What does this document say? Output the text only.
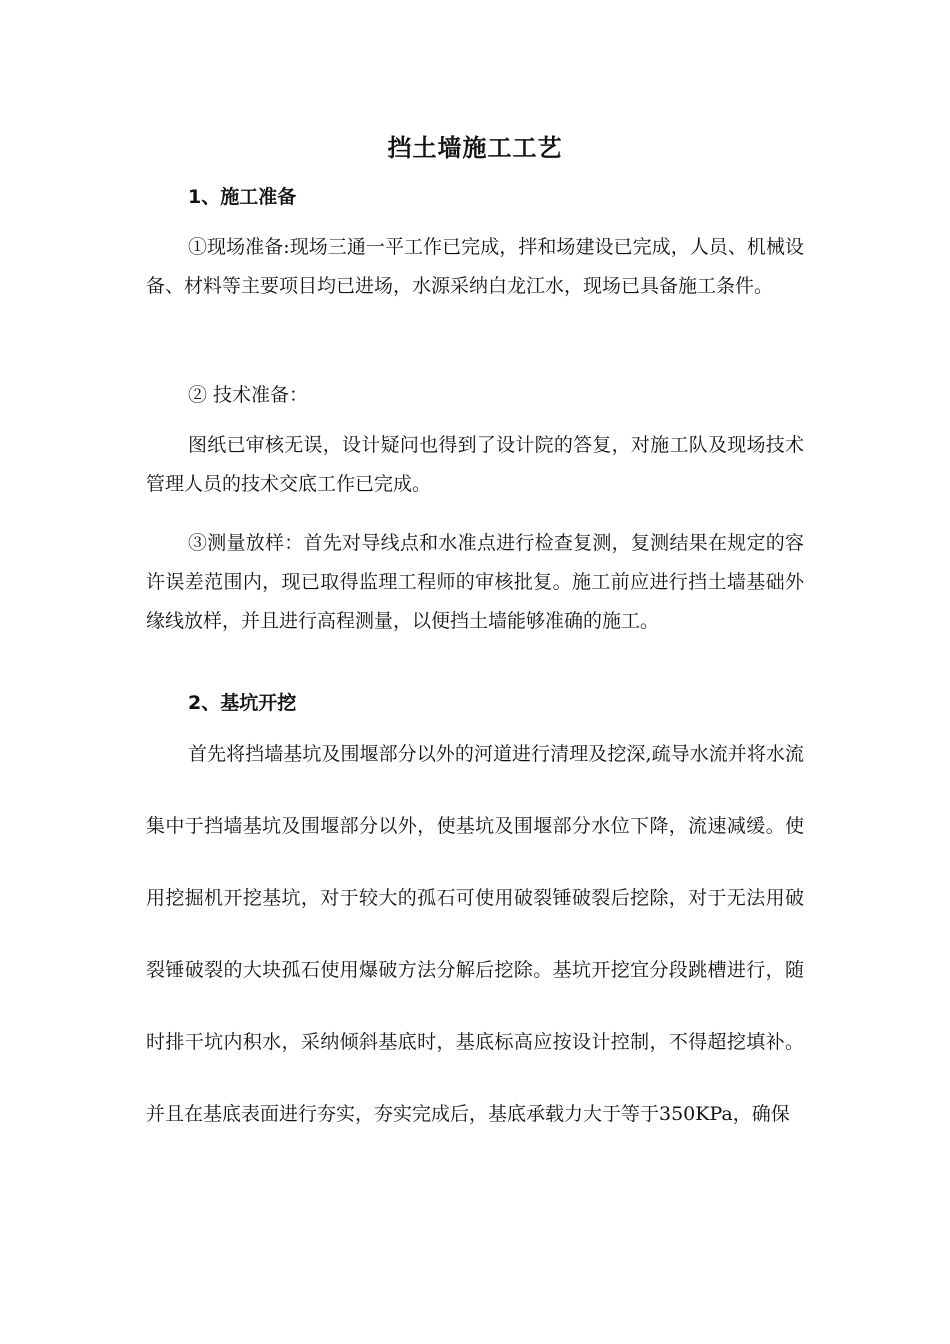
挡土墙施工工艺
1、施工准备

①现场准备:现场三通一平工作已完成，拌和场建设已完成，人员、机械设备、材料等主要项目均已进场，水源采纳白龙江水，现场已具备施工条件。

② 技术准备：

图纸已审核无误，设计疑问也得到了设计院的答复，对施工队及现场技术管理人员的技术交底工作已完成。

③测量放样：首先对导线点和水准点进行检查复测，复测结果在规定的容许误差范围内，现已取得监理工程师的审核批复。施工前应进行挡土墙基础外缘线放样，并且进行高程测量，以便挡土墙能够准确的施工。

2、基坑开挖

首先将挡墙基坑及围堰部分以外的河道进行清理及挖深,疏导水流并将水流集中于挡墙基坑及围堰部分以外，使基坑及围堰部分水位下降，流速减缓。使用挖掘机开挖基坑，对于较大的孤石可使用破裂锤破裂后挖除，对于无法用破裂锤破裂的大块孤石使用爆破方法分解后挖除。基坑开挖宜分段跳槽进行，随时排干坑内积水，采纳倾斜基底时，基底标高应按设计控制，不得超挖填补。并且在基底表面进行夯实，夯实完成后，基底承载力大于等于350KPa，确保
